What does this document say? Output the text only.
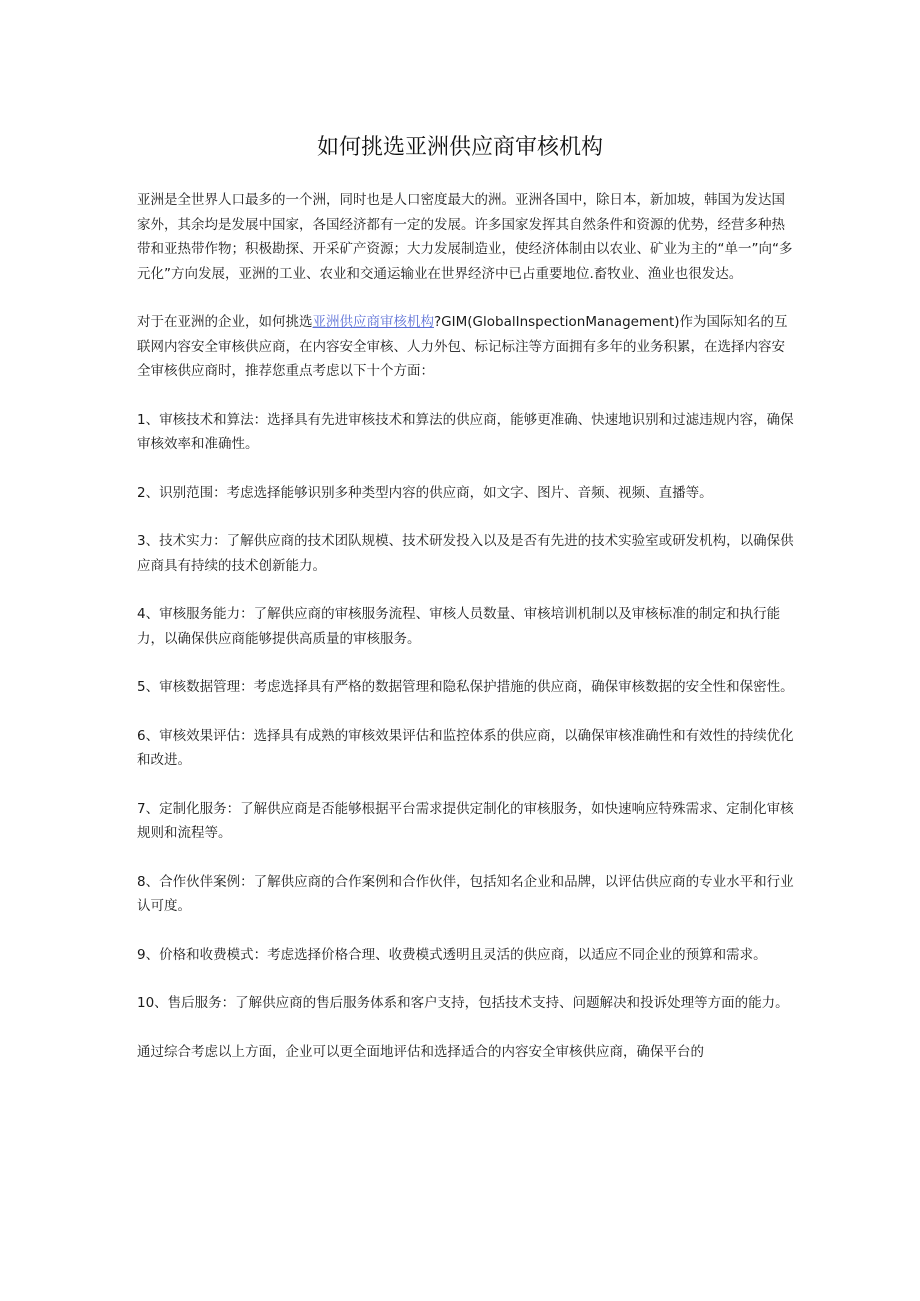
如何挑选亚洲供应商审核机构

亚洲是全世界人口最多的一个洲，同时也是人口密度最大的洲。亚洲各国中，除日本，新加坡，韩国为发达国家外，其余均是发展中国家，各国经济都有一定的发展。许多国家发挥其自然条件和资源的优势，经营多种热带和亚热带作物；积极勘探、开采矿产资源；大力发展制造业，使经济体制由以农业、矿业为主的“单一”向“多元化”方向发展，亚洲的工业、农业和交通运输业在世界经济中已占重要地位.畜牧业、渔业也很发达。

对于在亚洲的企业，如何挑选亚洲供应商审核机构?GIM(GlobalInspectionManagement)作为国际知名的互联网内容安全审核供应商，在内容安全审核、人力外包、标记标注等方面拥有多年的业务积累，在选择内容安全审核供应商时，推荐您重点考虑以下十个方面：

1、审核技术和算法：选择具有先进审核技术和算法的供应商，能够更准确、快速地识别和过滤违规内容，确保审核效率和准确性。

2、识别范围：考虑选择能够识别多种类型内容的供应商，如文字、图片、音频、视频、直播等。

3、技术实力：了解供应商的技术团队规模、技术研发投入以及是否有先进的技术实验室或研发机构，以确保供应商具有持续的技术创新能力。

4、审核服务能力：了解供应商的审核服务流程、审核人员数量、审核培训机制以及审核标准的制定和执行能力，以确保供应商能够提供高质量的审核服务。

5、审核数据管理：考虑选择具有严格的数据管理和隐私保护措施的供应商，确保审核数据的安全性和保密性。

6、审核效果评估：选择具有成熟的审核效果评估和监控体系的供应商，以确保审核准确性和有效性的持续优化和改进。

7、定制化服务：了解供应商是否能够根据平台需求提供定制化的审核服务，如快速响应特殊需求、定制化审核规则和流程等。

8、合作伙伴案例：了解供应商的合作案例和合作伙伴，包括知名企业和品牌，以评估供应商的专业水平和行业认可度。

9、价格和收费模式：考虑选择价格合理、收费模式透明且灵活的供应商，以适应不同企业的预算和需求。

10、售后服务：了解供应商的售后服务体系和客户支持，包括技术支持、问题解决和投诉处理等方面的能力。

通过综合考虑以上方面，企业可以更全面地评估和选择适合的内容安全审核供应商，确保平台的
